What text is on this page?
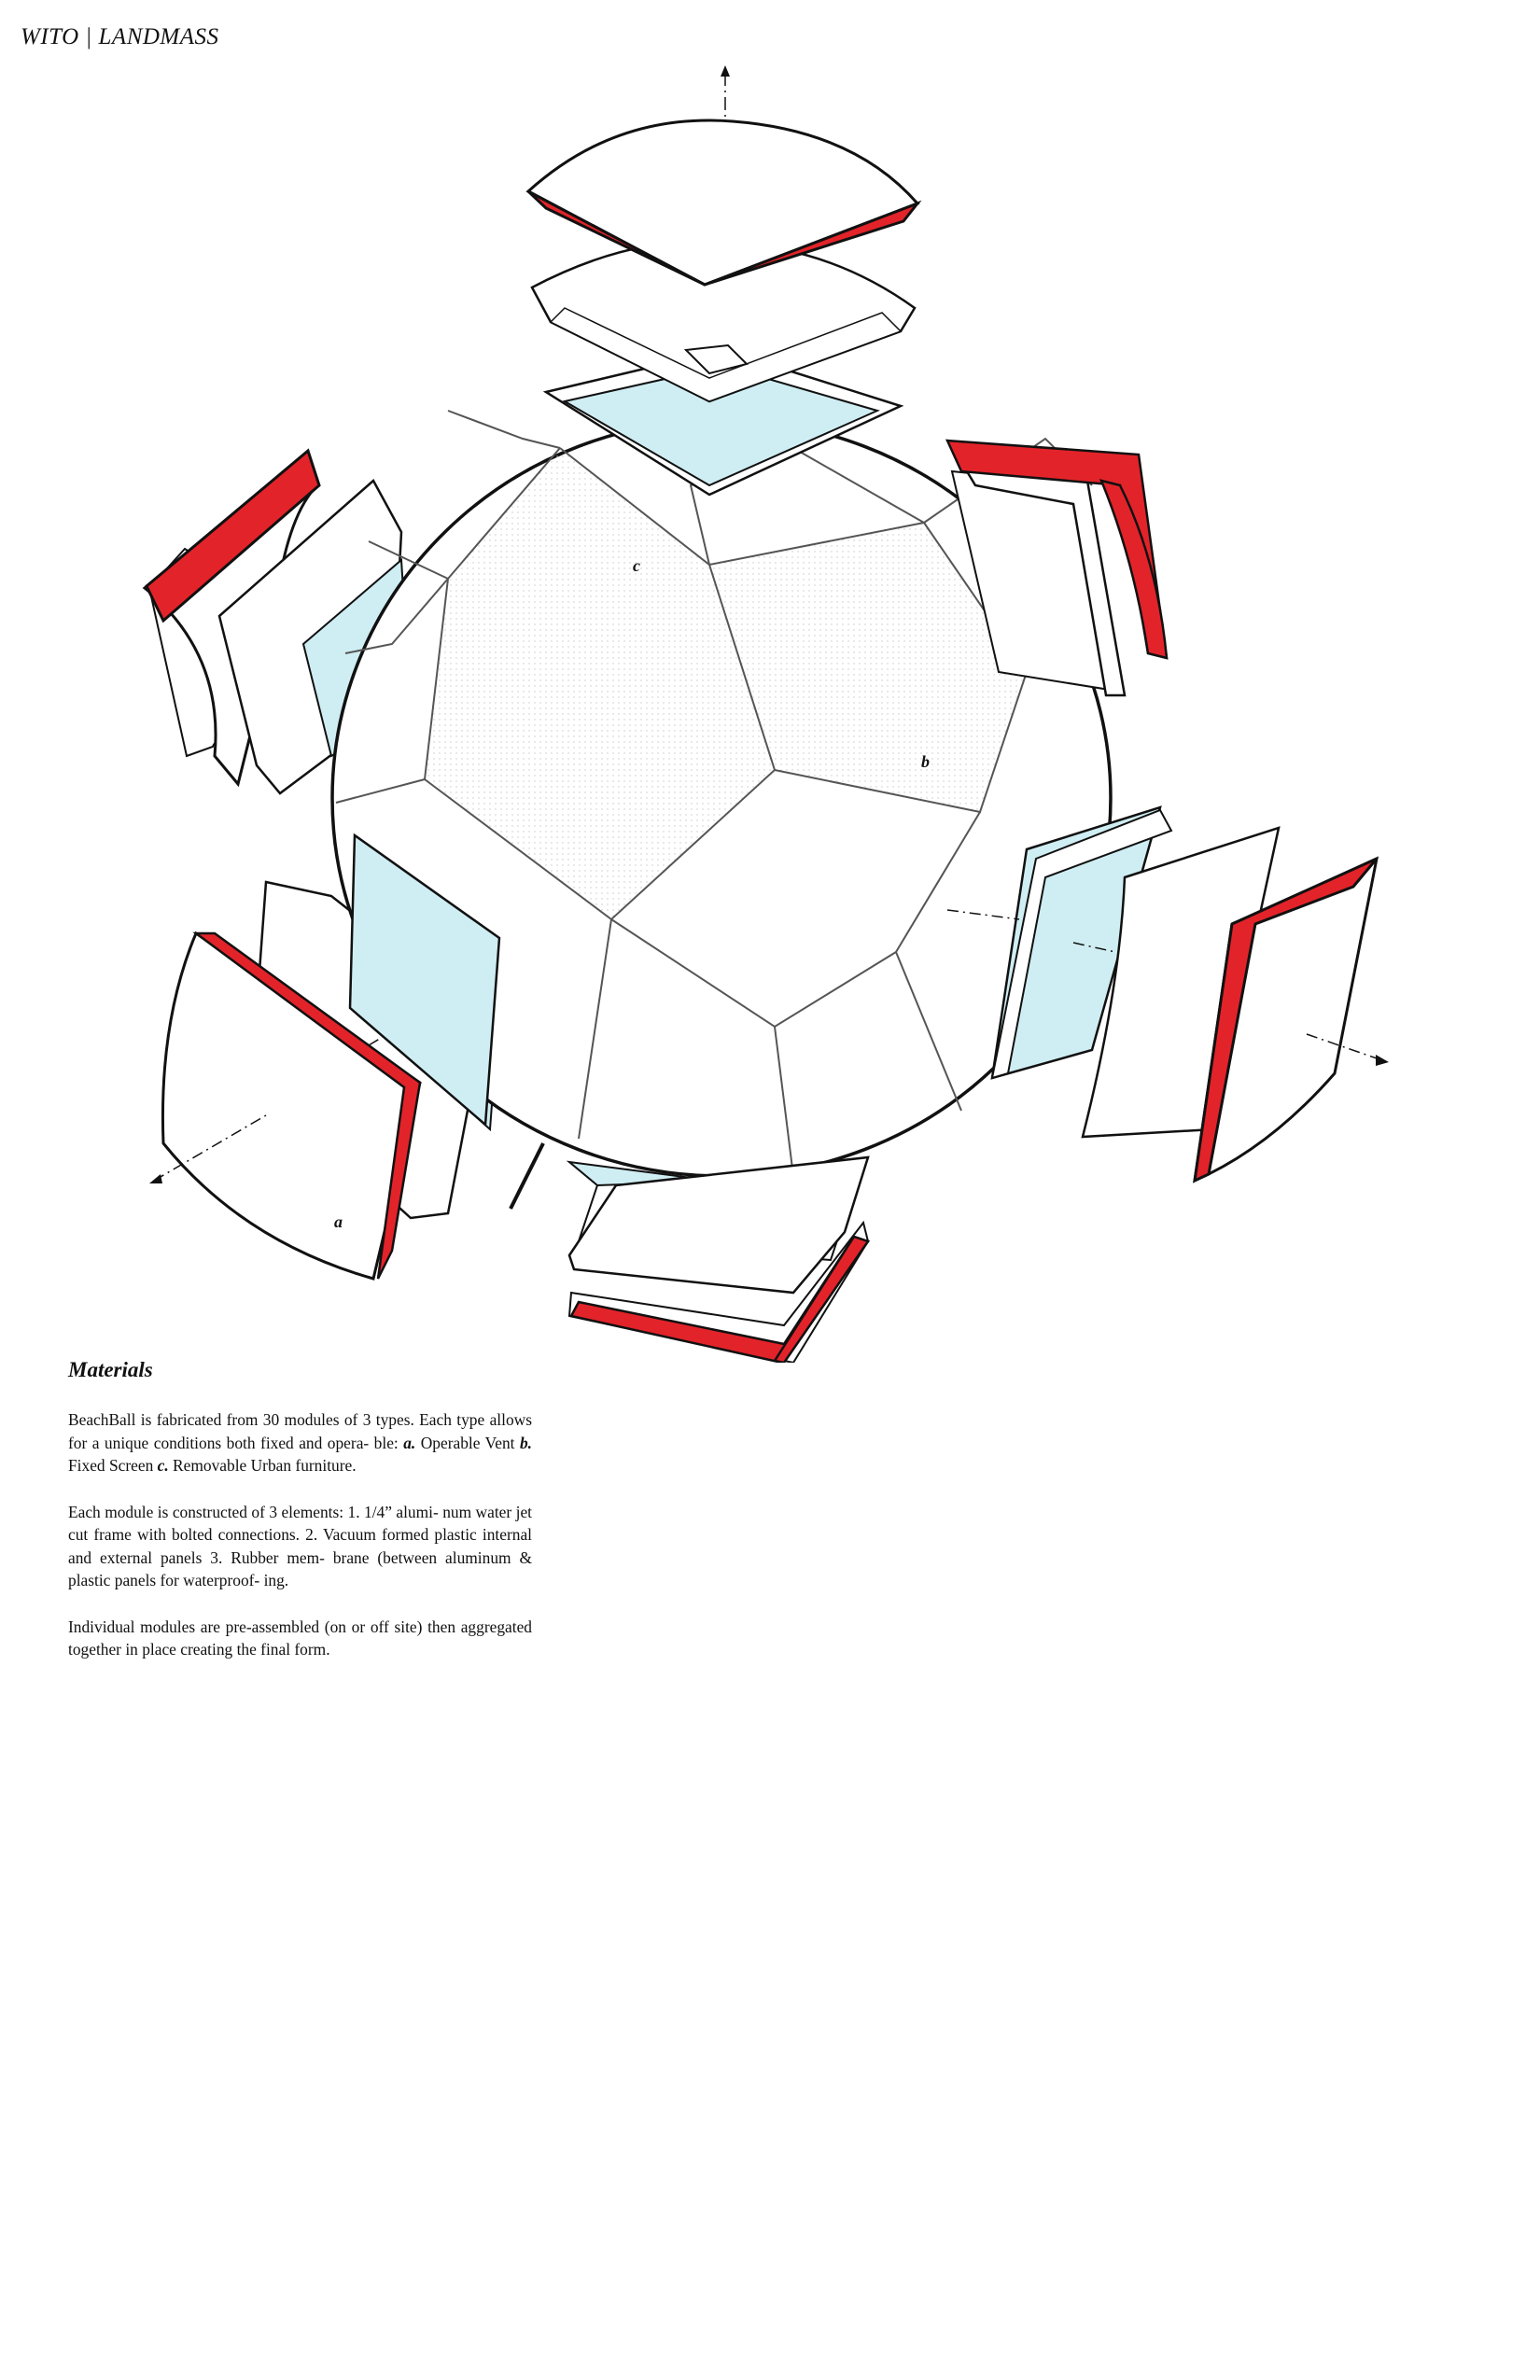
WITO | LANDMASS
c
b
a
Materials

BeachBall is fabricated from 30 modules of 3 types. Each type allows for a unique conditions both fixed and opera- ble: a. Operable Vent b. Fixed Screen c. Removable Urban furniture.

Each module is constructed of 3 elements: 1. 1/4” alumi- num water jet cut frame with bolted connections. 2. Vacuum formed plastic internal and external panels 3. Rubber mem- brane (between aluminum & plastic panels for waterproof- ing.

Individual modules are pre-assembled (on or off site) then aggregated together in place creating the final form.
